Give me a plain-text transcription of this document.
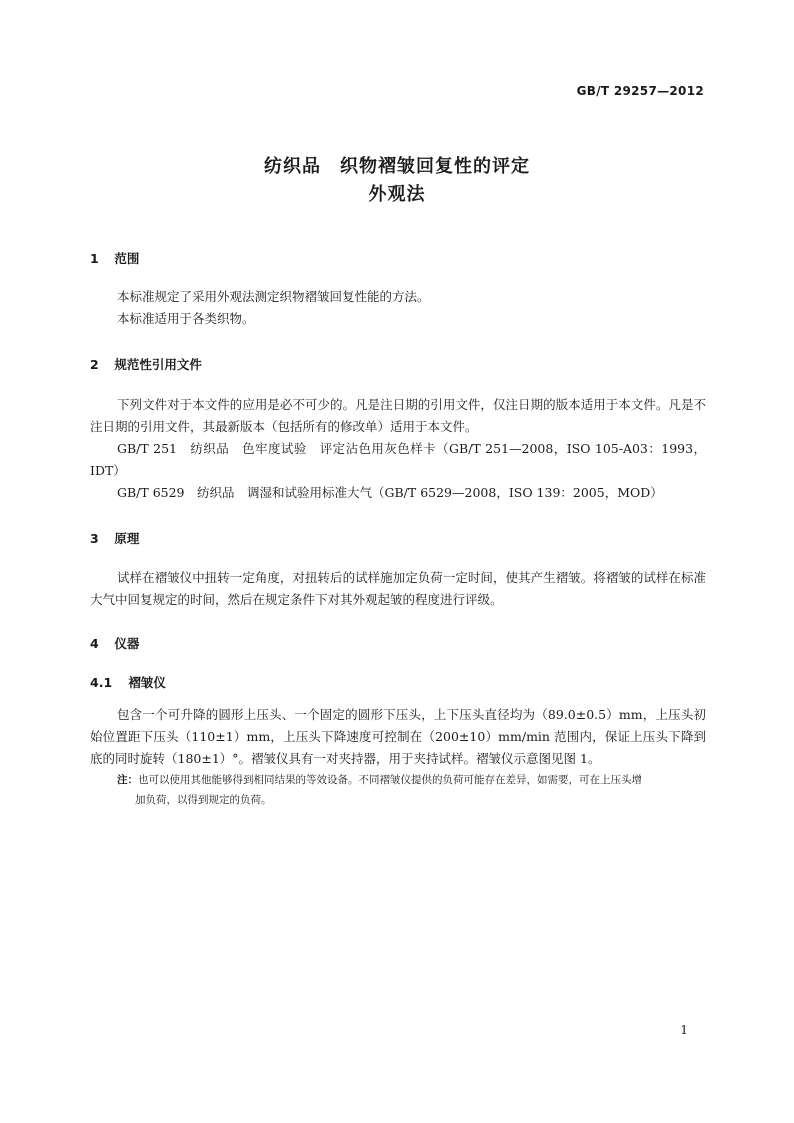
GB/T 29257—2012
纺织品　织物褶皱回复性的评定
外观法
1 范围

本标准规定了采用外观法测定织物褶皱回复性能的方法。

本标准适用于各类织物。

2 规范性引用文件

下列文件对于本文件的应用是必不可少的。凡是注日期的引用文件，仅注日期的版本适用于本文件。凡是不注日期的引用文件，其最新版本（包括所有的修改单）适用于本文件。

GB/T 251　纺织品　色牢度试验　评定沾色用灰色样卡（GB/T 251—2008，ISO 105-A03：1993，IDT）

GB/T 6529　纺织品　调湿和试验用标准大气（GB/T 6529—2008，ISO 139：2005，MOD）

3 原理

试样在褶皱仪中扭转一定角度，对扭转后的试样施加定负荷一定时间，使其产生褶皱。将褶皱的试样在标准大气中回复规定的时间，然后在规定条件下对其外观起皱的程度进行评级。

4 仪器
4.1 褶皱仪

包含一个可升降的圆形上压头、一个固定的圆形下压头，上下压头直径均为（89.0±0.5）mm，上压头初始位置距下压头（110±1）mm，上压头下降速度可控制在（200±10）mm/min 范围内，保证上压头下降到底的同时旋转（180±1）°。褶皱仪具有一对夹持器，用于夹持试样。褶皱仪示意图见图 1。

注：也可以使用其他能够得到相同结果的等效设备。不同褶皱仪提供的负荷可能存在差异，如需要，可在上压头增
加负荷，以得到规定的负荷。
1
